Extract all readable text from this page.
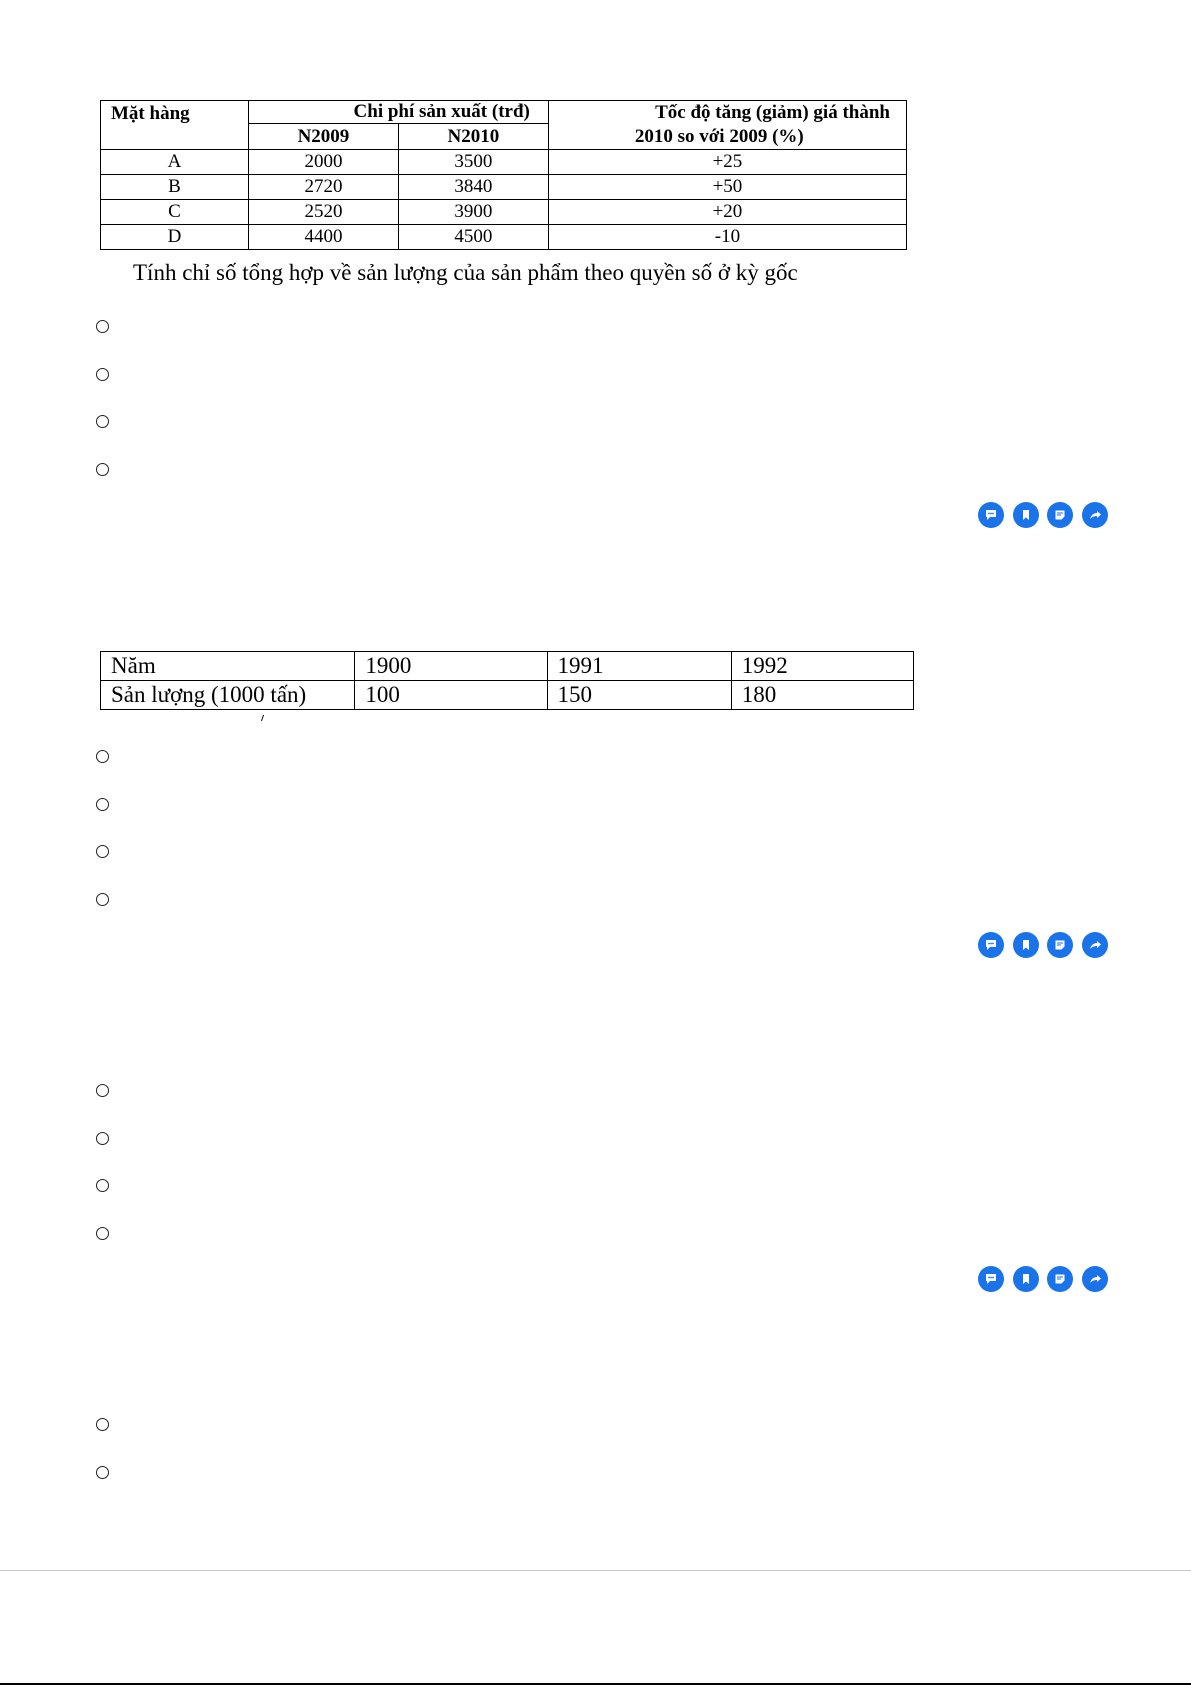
Mặt hàng	Chi phí sản xuất (trđ)		Tốc độ tăng (giảm) giá thành
2010 so với 2009 (%)

	N2009	N2010	
A	2000	3500	+25
B	2720	3840	+50
C	2520	3900	+20
D	4400	4500	-10
Tính chỉ số tổng hợp về sản lượng của sản phẩm theo quyền số ở kỳ gốc
Năm	1900	1991	1992
Sản lượng (1000 tấn)	100	150	180
